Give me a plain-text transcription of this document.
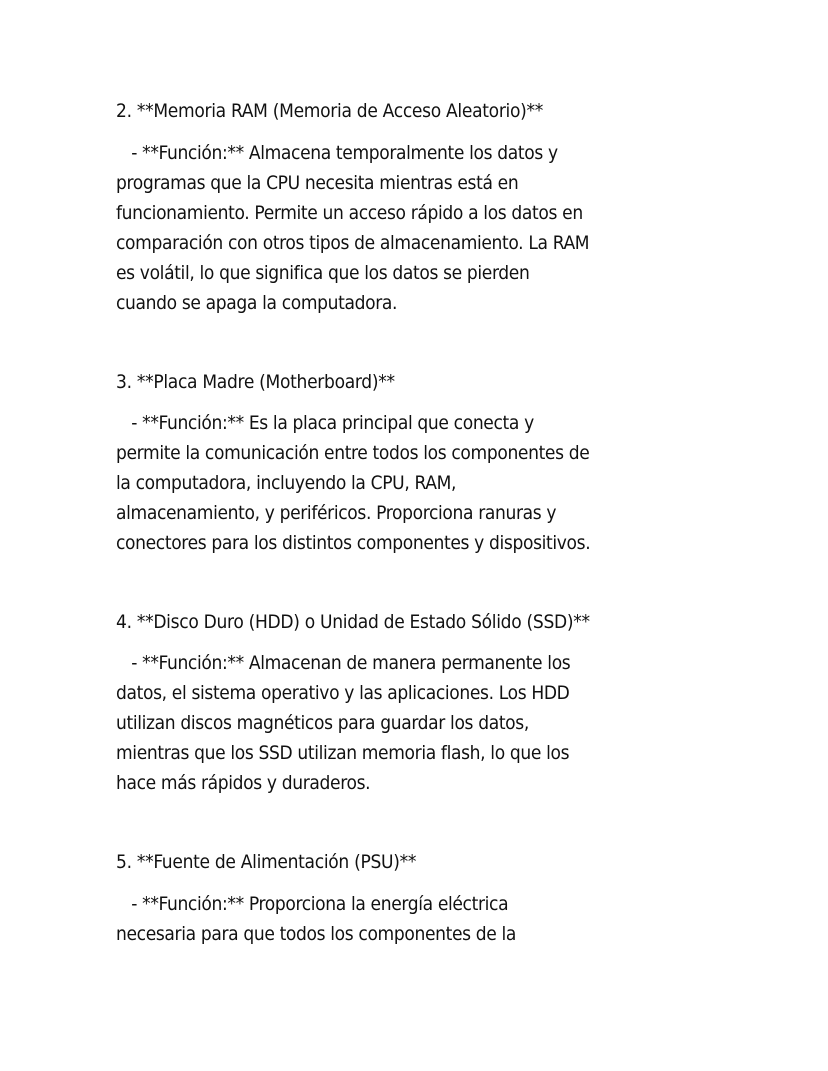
2. **Memoria RAM (Memoria de Acceso Aleatorio)**
- **Función:** Almacena temporalmente los datos y
programas que la CPU necesita mientras está en
funcionamiento. Permite un acceso rápido a los datos en
comparación con otros tipos de almacenamiento. La RAM
es volátil, lo que significa que los datos se pierden
cuando se apaga la computadora.
3. **Placa Madre (Motherboard)**
- **Función:** Es la placa principal que conecta y
permite la comunicación entre todos los componentes de
la computadora, incluyendo la CPU, RAM,
almacenamiento, y periféricos. Proporciona ranuras y
conectores para los distintos componentes y dispositivos.
4. **Disco Duro (HDD) o Unidad de Estado Sólido (SSD)**
- **Función:** Almacenan de manera permanente los
datos, el sistema operativo y las aplicaciones. Los HDD
utilizan discos magnéticos para guardar los datos,
mientras que los SSD utilizan memoria flash, lo que los
hace más rápidos y duraderos.
5. **Fuente de Alimentación (PSU)**
- **Función:** Proporciona la energía eléctrica
necesaria para que todos los componentes de la
